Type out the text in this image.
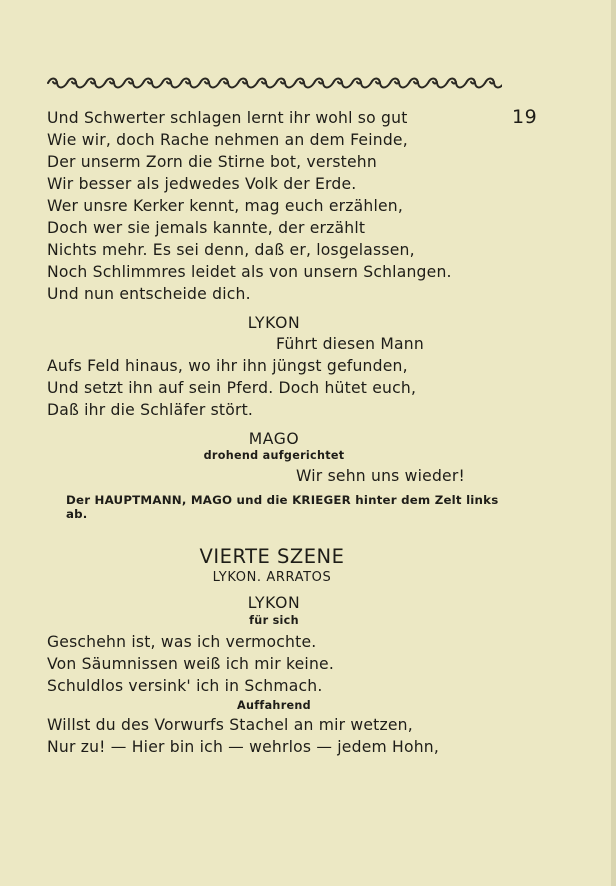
19
Und Schwerter schlagen lernt ihr wohl so gut
Wie wir, doch Rache nehmen an dem Feinde,
Der unserm Zorn die Stirne bot, verstehn
Wir besser als jedwedes Volk der Erde.
Wer unsre Kerker kennt, mag euch erzählen,
Doch wer sie jemals kannte, der erzählt
Nichts mehr. Es sei denn, daß er, losgelassen,
Noch Schlimmres leidet als von unsern Schlangen.
Und nun entscheide dich.
LYKON
Führt diesen Mann
Aufs Feld hinaus, wo ihr ihn jüngst gefunden,
Und setzt ihn auf sein Pferd. Doch hütet euch,
Daß ihr die Schläfer stört.
MAGO
drohend aufgerichtet
Wir sehn uns wieder!
Der HAUPTMANN, MAGO und die KRIEGER hinter dem Zelt links ab.
VIERTE SZENE
LYKON. ARRATOS
LYKON
für sich
Geschehn ist, was ich vermochte.
Von Säumnissen weiß ich mir keine.
Schuldlos versink' ich in Schmach.
Auffahrend
Willst du des Vorwurfs Stachel an mir wetzen,
Nur zu! — Hier bin ich — wehrlos — jedem Hohn,
